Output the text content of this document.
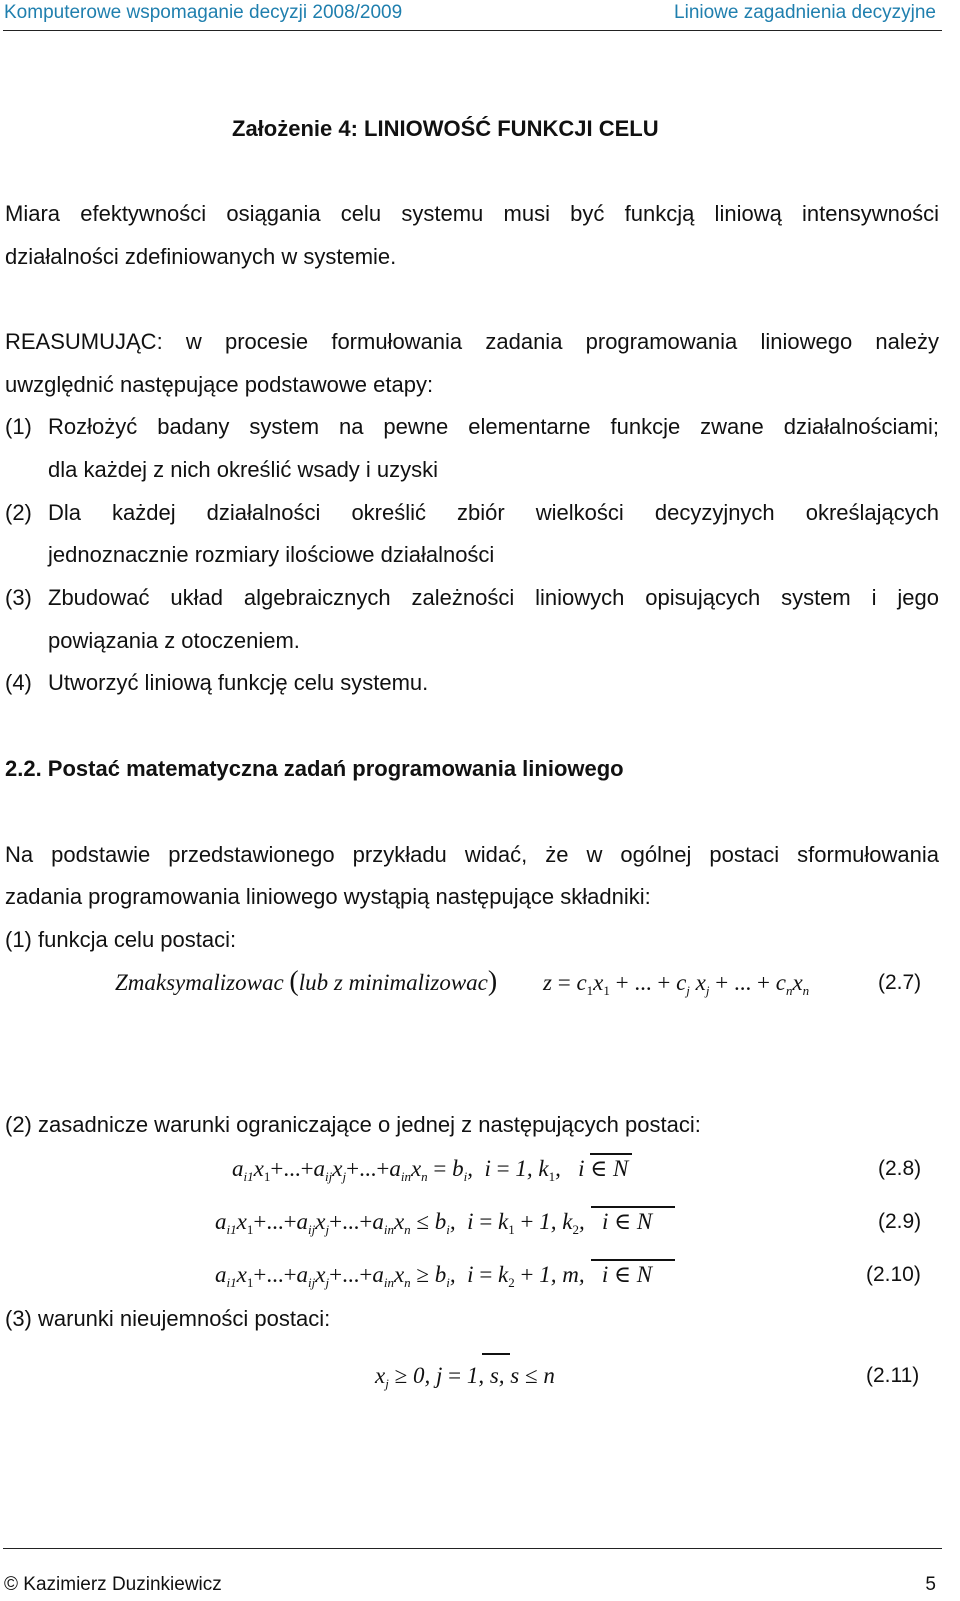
Komputerowe wspomaganie decyzji 2008/2009	Liniowe zagadnienia decyzyjne
Założenie 4: LINIOWOŚĆ FUNKCJI CELU
Miara efektywności osiągania celu systemu musi być funkcją liniową intensywności
działalności zdefiniowanych w systemie.
REASUMUJĄC: w procesie formułowania zadania programowania liniowego należy
uwzględnić następujące podstawowe etapy:
(1) Rozłożyć badany system na pewne elementarne funkcje zwane działalnościami;
dla każdej z nich określić wsady i uzyski
(2) Dla każdej działalności określić zbiór wielkości decyzyjnych określających
jednoznacznie rozmiary ilościowe działalności
(3) Zbudować układ algebraicznych zależności liniowych opisujących system i jego
powiązania z otoczeniem.
(4) Utworzyć liniową funkcję celu systemu.
2.2. Postać matematyczna zadań programowania liniowego
Na podstawie przedstawionego przykładu widać, że w ogólnej postaci sformułowania
zadania programowania liniowego wystąpią następujące składniki:
(1) funkcja celu postaci:
Zmaksymalizowac (lub z minimalizowac) $z = c_1x_1$ + ... + $c_j$ $x_j$ + ... + $c_nx_n$	(2.7)
(2) zasadnicze warunki ograniczające o jednej z następujących postaci:
$a_{i1}x_1+...+a_{ij}x_j+...+a_{in}x_n = b_i$,  i = 1, $k_1$,   i ∈ N	(2.8)
$a_{i1}x_1+...+a_{ij}x_j+...+a_{in}x_n \le b_i$,  $i = k_1 + 1$, $k_2$,   i ∈ N	(2.9)
$a_{i1}x_1+...+a_{ij}x_j+...+a_{in}x_n \ge b_i$,  $i = k_2 + 1$, m,   i ∈ N	(2.10)
(3) warunki nieujemności postaci:
$x_j \ge 0$, j = 1, s, s ≤ n	(2.11)
© Kazimierz Duzinkiewicz	5
